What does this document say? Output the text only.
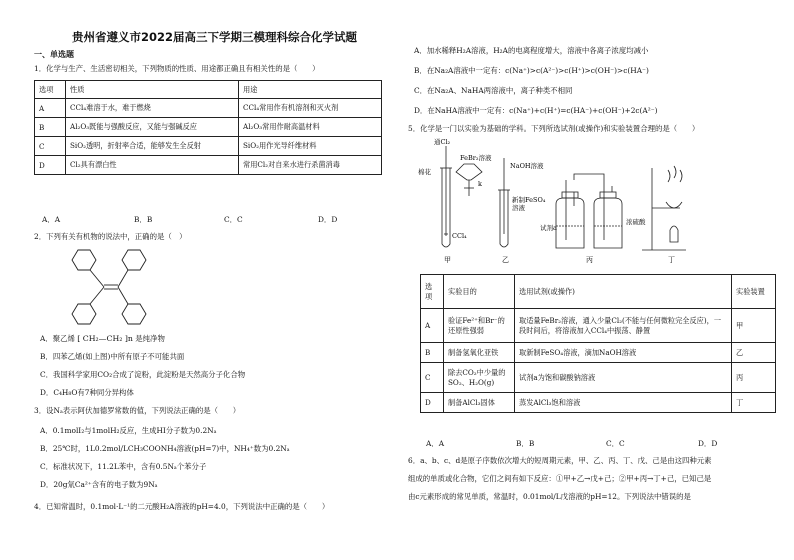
贵州省遵义市2022届高三下学期三模理科综合化学试题
一、单选题
1．化学与生产、生活密切相关，下列物质的性质、用途都正确且有相关性的是（　　）
选项	性质	用途
A	CCl₄难溶于水，难于燃烧	CCl₄常用作有机溶剂和灭火剂
B	Al₂O₃既能与强酸反应，又能与强碱反应	Al₂O₃常用作耐高温材料
C	SiO₂透明，折射率合适，能够发生全反射	SiO₂用作光导纤维材料
D	Cl₂具有漂白性	常用Cl₂对自来水进行杀菌消毒
A．A	B．B	C．C	D．D
2．下列有关有机物的说法中，正确的是（　）
A．聚乙烯 [ CH₂—CH₂ ]n 是纯净物
B．四苯乙烯(如上图)中所有原子不可能共面
C．我国科学家用CO₂合成了淀粉，此淀粉是天然高分子化合物
D．C₄H₈O有7种同分异构体
3．设Nₐ表示阿伏加德罗常数的值，下列说法正确的是（　　）
A．0.1molI₂与1molH₂反应，生成HI分子数为0.2Nₐ
B．25℃时，1L0.2mol/LCH₃COONH₄溶液(pH=7)中，NH₄⁺数为0.2Nₐ
C．标准状况下，11.2L苯中，含有0.5Nₐ个苯分子
D．20g氚Ca²⁺含有的电子数为9Nₐ
4．已知常温时，0.1mol·L⁻¹的二元酸H₂A溶液的pH=4.0，下列说法中正确的是（　　）
A．加水稀释H₂A溶液，H₂A的电离程度增大，溶液中各离子浓度均减小
B．在Na₂A溶液中一定有：c(Na⁺)>c(A²⁻)>c(H⁺)>c(OH⁻)>c(HA⁻)
C．在Na₂A、NaHA两溶液中，离子种类不相同
D．在NaHA溶液中一定有：c(Na⁺)+c(H⁺)=c(HA⁻)+c(OH⁻)+2c(A²⁻)
5．化学是一门以实验为基础的学科。下列所选试剂(或操作)和实验装置合理的是（　　）
通Cl₂
棉花
FeBr₂溶液
k
CCl₄
NaOH溶液
新制FeSO₄
溶液
试剂a
浓硫酸
甲	乙	丙	丁
选项	实验目的	选用试剂(或操作)	实验装置
A	验证Fe²⁺和Br⁻的还原性强弱	取适量FeBr₂溶液，通入少量Cl₂(不能与任何微粒完全反应)，一段时间后，将溶液加入CCl₄中振荡、静置	甲
B	制备氢氧化亚铁	取新制FeSO₄溶液，滴加NaOH溶液	乙
C	除去CO₂中少量的SO₂、H₂O(g)	试剂a为饱和碳酸钠溶液	丙
D	制备AlCl₃固体	蒸发AlCl₃饱和溶液	丁
A．A	B．B	C．C	D．D
6．a、b、c、d是原子序数依次增大的短周期元素，甲、乙、丙、丁、戊、己是由这四种元素
组成的单质或化合物，它们之间有如下反应：①甲+乙→戊+己；②甲+丙→丁+己，已知己是
由c元素形成的常见单质，常温时，0.01mol/L戊溶液的pH=12。下列说法中错误的是
